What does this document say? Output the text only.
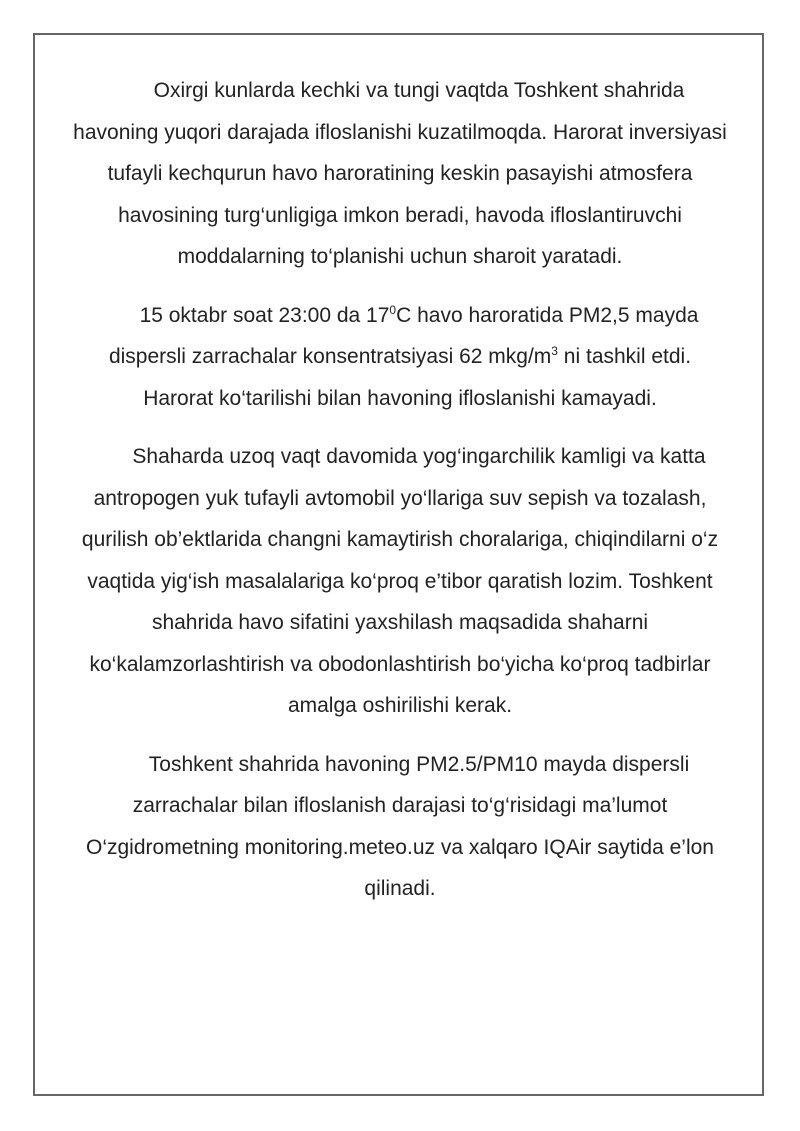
Oxirgi kunlarda kechki va tungi vaqtda Toshkent shahrida havoning yuqori darajada ifloslanishi kuzatilmoqda. Harorat inversiyasi tufayli kechqurun havo haroratining keskin pasayishi atmosfera havosining turg‘unligiga imkon beradi, havoda ifloslantiruvchi moddalarning to‘planishi uchun sharoit yaratadi.

15 oktabr soat 23:00 da $17^0C$ havo haroratida PM2,5 mayda dispersli zarrachalar konsentratsiyasi 62 mkg/$m^3$ ni tashkil etdi. Harorat ko‘tarilishi bilan havoning ifloslanishi kamayadi.

Shaharda uzoq vaqt davomida yog‘ingarchilik kamligi va katta antropogen yuk tufayli avtomobil yo‘llariga suv sepish va tozalash, qurilish ob’ektlarida changni kamaytirish choralariga, chiqindilarni o‘z vaqtida yig‘ish masalalariga ko‘proq e’tibor qaratish lozim. Toshkent shahrida havo sifatini yaxshilash maqsadida shaharni ko‘kalamzorlashtirish va obodonlashtirish bo‘yicha ko‘proq tadbirlar amalga oshirilishi kerak.

Toshkent shahrida havoning PM2.5/PM10 mayda dispersli zarrachalar bilan ifloslanish darajasi to‘g‘risidagi ma’lumot O‘zgidrometning monitoring.meteo.uz va xalqaro IQAir saytida e’lon qilinadi.
